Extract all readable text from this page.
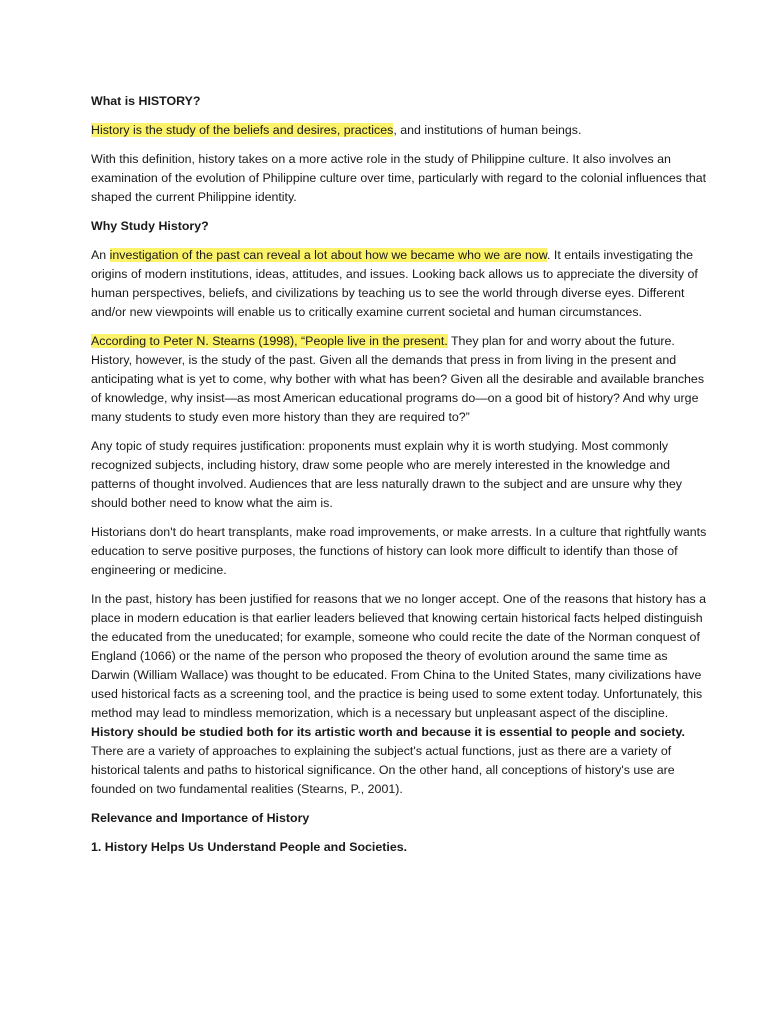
What is HISTORY?

History is the study of the beliefs and desires, practices, and institutions of human beings.

With this definition, history takes on a more active role in the study of Philippine culture. It also involves an examination of the evolution of Philippine culture over time, particularly with regard to the colonial influences that shaped the current Philippine identity.

Why Study History?

An investigation of the past can reveal a lot about how we became who we are now. It entails investigating the origins of modern institutions, ideas, attitudes, and issues. Looking back allows us to appreciate the diversity of human perspectives, beliefs, and civilizations by teaching us to see the world through diverse eyes. Different and/or new viewpoints will enable us to critically examine current societal and human circumstances.

According to Peter N. Stearns (1998), “People live in the present. They plan for and worry about the future. History, however, is the study of the past. Given all the demands that press in from living in the present and anticipating what is yet to come, why bother with what has been? Given all the desirable and available branches of knowledge, why insist—as most American educational programs do—on a good bit of history? And why urge many students to study even more history than they are required to?”

Any topic of study requires justification: proponents must explain why it is worth studying. Most commonly recognized subjects, including history, draw some people who are merely interested in the knowledge and patterns of thought involved. Audiences that are less naturally drawn to the subject and are unsure why they should bother need to know what the aim is.

Historians don't do heart transplants, make road improvements, or make arrests. In a culture that rightfully wants education to serve positive purposes, the functions of history can look more difficult to identify than those of engineering or medicine.

In the past, history has been justified for reasons that we no longer accept. One of the reasons that history has a place in modern education is that earlier leaders believed that knowing certain historical facts helped distinguish the educated from the uneducated; for example, someone who could recite the date of the Norman conquest of England (1066) or the name of the person who proposed the theory of evolution around the same time as Darwin (William Wallace) was thought to be educated. From China to the United States, many civilizations have used historical facts as a screening tool, and the practice is being used to some extent today. Unfortunately, this method may lead to mindless memorization, which is a necessary but unpleasant aspect of the discipline. History should be studied both for its artistic worth and because it is essential to people and society. There are a variety of approaches to explaining the subject's actual functions, just as there are a variety of historical talents and paths to historical significance. On the other hand, all conceptions of history's use are founded on two fundamental realities (Stearns, P., 2001).

Relevance and Importance of History
1. History Helps Us Understand People and Societies.
